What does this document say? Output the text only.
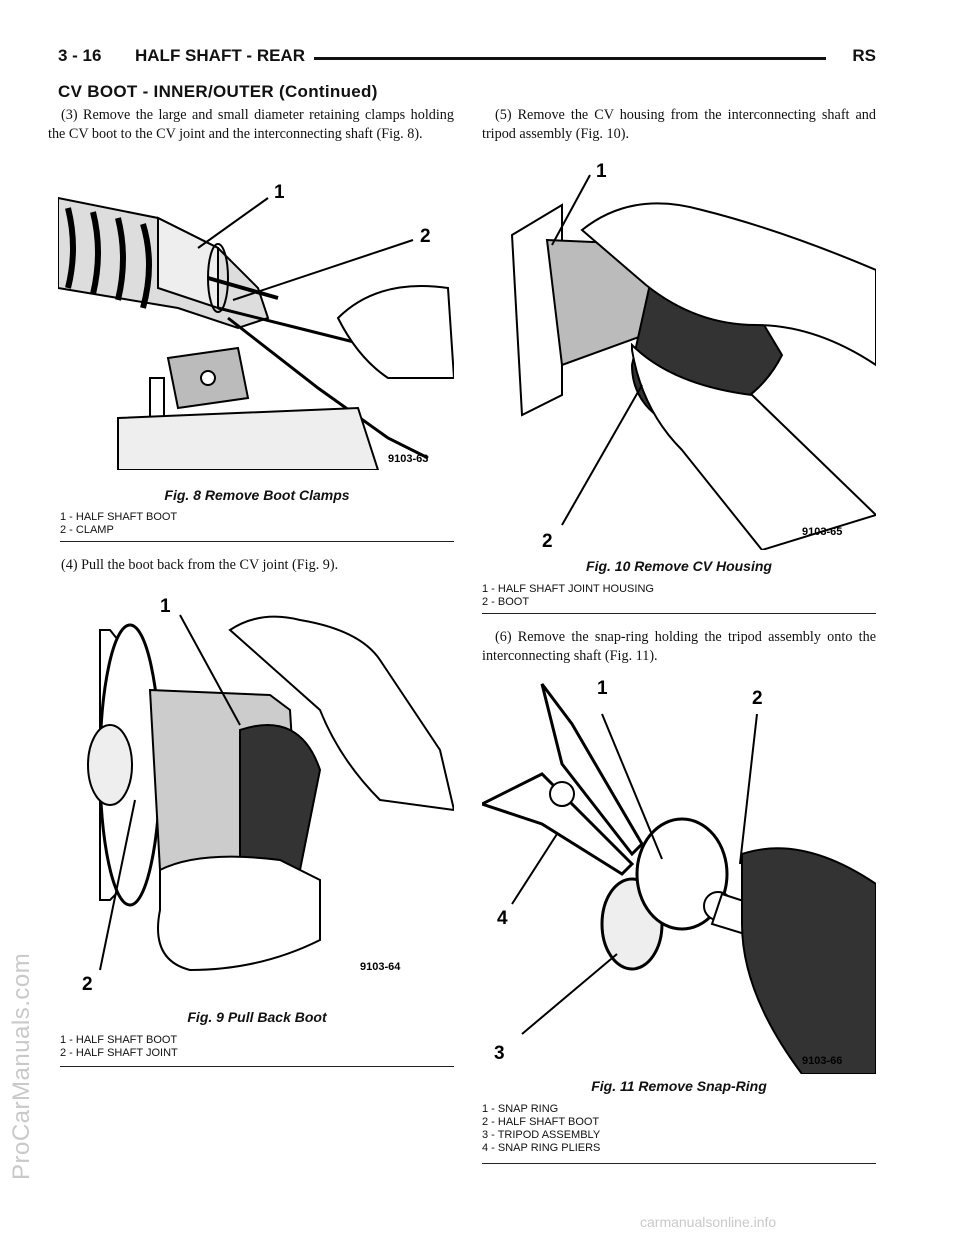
ProCarManuals.com
3 - 16 HALF SHAFT - REAR	RS
CV BOOT - INNER/OUTER (Continued)
(3) Remove the large and small diameter retaining clamps holding the CV boot to the CV joint and the interconnecting shaft (Fig. 8).
1
2
9103-63
Fig. 8 Remove Boot Clamps
1 - HALF SHAFT BOOT
2 - CLAMP
(4) Pull the boot back from the CV joint (Fig. 9).
1
2
9103-64
Fig. 9 Pull Back Boot
1 - HALF SHAFT BOOT
2 - HALF SHAFT JOINT
(5) Remove the CV housing from the interconnecting shaft and tripod assembly (Fig. 10).
1
2	9103-65
Fig. 10 Remove CV Housing
1 - HALF SHAFT JOINT HOUSING
2 - BOOT
(6) Remove the snap-ring holding the tripod assembly onto the interconnecting shaft (Fig. 11).
1	2
3
4
9103-66
Fig. 11 Remove Snap-Ring
1 - SNAP RING
2 - HALF SHAFT BOOT
3 - TRIPOD ASSEMBLY
4 - SNAP RING PLIERS
carmanualsonline.info
